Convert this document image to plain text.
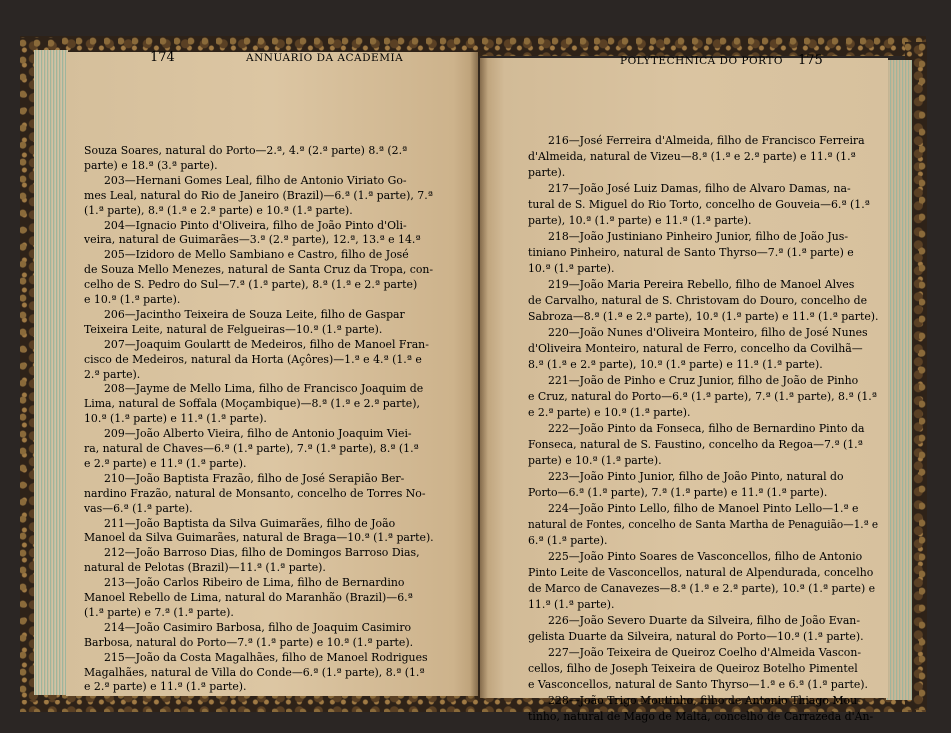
174	ANNUARIO DA ACADEMIA	POLYTECHNICA DO PORTO 175
Souza Soares, natural do Porto—2.ª, 4.ª (2.ª parte) 8.ª (2.ª
parte) e 18.ª (3.ª parte).
203—Hernani Gomes Leal, filho de Antonio Viriato Go-
mes Leal, natural do Rio de Janeiro (Brazil)—6.ª (1.ª parte), 7.ª
(1.ª parte), 8.ª (1.ª e 2.ª parte) e 10.ª (1.ª parte).
204—Ignacio Pinto d'Oliveira, filho de João Pinto d'Oli-
veira, natural de Guimarães—3.ª (2.ª parte), 12.ª, 13.ª e 14.ª
205—Izidoro de Mello Sambiano e Castro, filho de José
de Souza Mello Menezes, natural de Santa Cruz da Tropa, con-
celho de S. Pedro do Sul—7.ª (1.ª parte), 8.ª (1.ª e 2.ª parte)
e 10.ª (1.ª parte).
206—Jacintho Teixeira de Souza Leite, filho de Gaspar
Teixeira Leite, natural de Felgueiras—10.ª (1.ª parte).
207—Joaquim Goulartt de Medeiros, filho de Manoel Fran-
cisco de Medeiros, natural da Horta (Açôres)—1.ª e 4.ª (1.ª e
2.ª parte).
208—Jayme de Mello Lima, filho de Francisco Joaquim de
Lima, natural de Soffala (Moçambique)—8.ª (1.ª e 2.ª parte),
10.ª (1.ª parte) e 11.ª (1.ª parte).
209—João Alberto Vieira, filho de Antonio Joaquim Viei-
ra, natural de Chaves—6.ª (1.ª parte), 7.ª (1.ª parte), 8.ª (1.ª
e 2.ª parte) e 11.ª (1.ª parte).
210—João Baptista Frazão, filho de José Serapião Ber-
nardino Frazão, natural de Monsanto, concelho de Torres No-
vas—6.ª (1.ª parte).
211—João Baptista da Silva Guimarães, filho de João
Manoel da Silva Guimarães, natural de Braga—10.ª (1.ª parte).
212—João Barroso Dias, filho de Domingos Barroso Dias,
natural de Pelotas (Brazil)—11.ª (1.ª parte).
213—João Carlos Ribeiro de Lima, filho de Bernardino
Manoel Rebello de Lima, natural do Maranhão (Brazil)—6.ª
(1.ª parte) e 7.ª (1.ª parte).
214—João Casimiro Barbosa, filho de Joaquim Casimiro
Barbosa, natural do Porto—7.ª (1.ª parte) e 10.ª (1.ª parte).
215—João da Costa Magalhães, filho de Manoel Rodrigues
Magalhães, natural de Villa do Conde—6.ª (1.ª parte), 8.ª (1.ª
e 2.ª parte) e 11.ª (1.ª parte).
216—José Ferreira d'Almeida, filho de Francisco Ferreira
d'Almeida, natural de Vizeu—8.ª (1.ª e 2.ª parte) e 11.ª (1.ª
parte).
217—João José Luiz Damas, filho de Alvaro Damas, na-
tural de S. Miguel do Rio Torto, concelho de Gouveia—6.ª (1.ª
parte), 10.ª (1.ª parte) e 11.ª (1.ª parte).
218—João Justiniano Pinheiro Junior, filho de João Jus-
tiniano Pinheiro, natural de Santo Thyrso—7.ª (1.ª parte) e
10.ª (1.ª parte).
219—João Maria Pereira Rebello, filho de Manoel Alves
de Carvalho, natural de S. Christovam do Douro, concelho de
Sabroza—8.ª (1.ª e 2.ª parte), 10.ª (1.ª parte) e 11.ª (1.ª parte).
220—João Nunes d'Oliveira Monteiro, filho de José Nunes
d'Oliveira Monteiro, natural de Ferro, concelho da Covilhã—
8.ª (1.ª e 2.ª parte), 10.ª (1.ª parte) e 11.ª (1.ª parte).
221—João de Pinho e Cruz Junior, filho de João de Pinho
e Cruz, natural do Porto—6.ª (1.ª parte), 7.ª (1.ª parte), 8.ª (1.ª
e 2.ª parte) e 10.ª (1.ª parte).
222—João Pinto da Fonseca, filho de Bernardino Pinto da
Fonseca, natural de S. Faustino, concelho da Regoa—7.ª (1.ª
parte) e 10.ª (1.ª parte).
223—João Pinto Junior, filho de João Pinto, natural do
Porto—6.ª (1.ª parte), 7.ª (1.ª parte) e 11.ª (1.ª parte).
224—João Pinto Lello, filho de Manoel Pinto Lello—1.ª e
natural de Fontes, concelho de Santa Martha de Penaguião—1.ª e
6.ª (1.ª parte).
225—João Pinto Soares de Vasconcellos, filho de Antonio
Pinto Leite de Vasconcellos, natural de Alpendurada, concelho
de Marco de Canavezes—8.ª (1.ª e 2.ª parte), 10.ª (1.ª parte) e
11.ª (1.ª parte).
226—João Severo Duarte da Silveira, filho de João Evan-
gelista Duarte da Silveira, natural do Porto—10.ª (1.ª parte).
227—João Teixeira de Queiroz Coelho d'Almeida Vascon-
cellos, filho de Joseph Teixeira de Queiroz Botelho Pimentel
e Vasconcellos, natural de Santo Thyrso—1.ª e 6.ª (1.ª parte).
228—João Trigo Moutinho, filho de Antonio Thiago Mou-
tinho, natural de Mago de Malta, concelho de Carrazeda d'An-
